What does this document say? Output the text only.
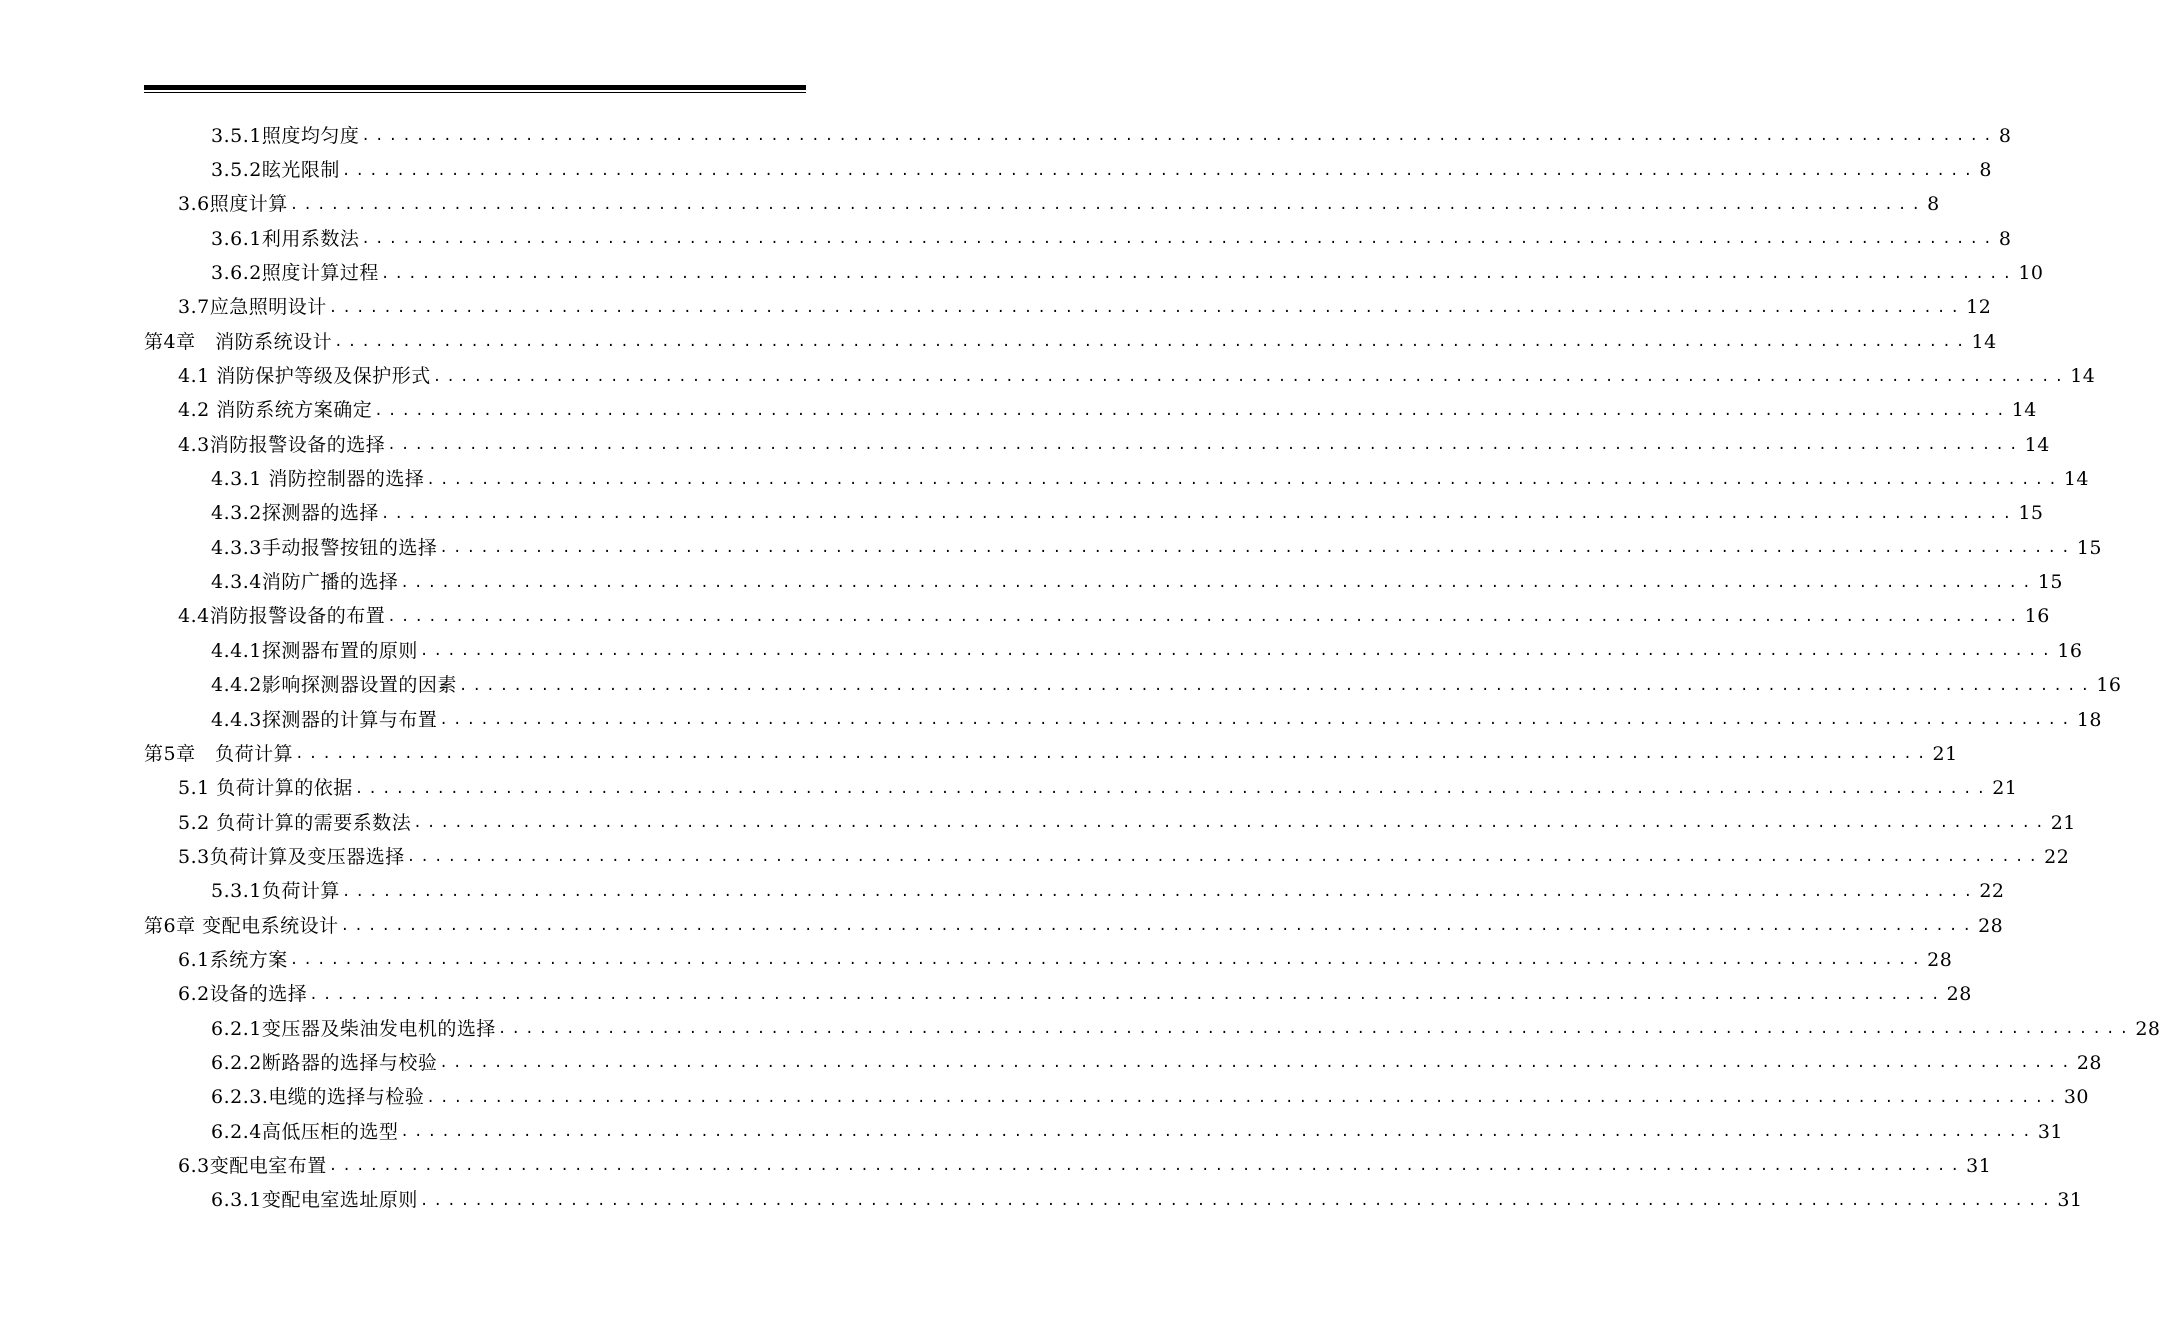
3.5.1照度均匀度 ........................................................................................................................ 8
3.5.2眩光限制 ........................................................................................................................ 8
3.6照度计算 ........................................................................................................................ 8
3.6.1利用系数法 ........................................................................................................................ 8
3.6.2照度计算过程 ........................................................................................................................ 10
3.7应急照明设计 ........................................................................................................................ 12
第4章　消防系统设计 ........................................................................................................................ 14
4.1 消防保护等级及保护形式 ........................................................................................................................ 14
4.2 消防系统方案确定 ........................................................................................................................ 14
4.3消防报警设备的选择 ........................................................................................................................ 14
4.3.1 消防控制器的选择 ........................................................................................................................ 14
4.3.2探测器的选择 ........................................................................................................................ 15
4.3.3手动报警按钮的选择 ........................................................................................................................ 15
4.3.4消防广播的选择 ........................................................................................................................ 15
4.4消防报警设备的布置 ........................................................................................................................ 16
4.4.1探测器布置的原则 ........................................................................................................................ 16
4.4.2影响探测器设置的因素 ........................................................................................................................ 16
4.4.3探测器的计算与布置 ........................................................................................................................ 18
第5章　负荷计算 ........................................................................................................................ 21
5.1 负荷计算的依据 ........................................................................................................................ 21
5.2 负荷计算的需要系数法 ........................................................................................................................ 21
5.3负荷计算及变压器选择 ........................................................................................................................ 22
5.3.1负荷计算 ........................................................................................................................ 22
第6章 变配电系统设计 ........................................................................................................................ 28
6.1系统方案 ........................................................................................................................ 28
6.2设备的选择 ........................................................................................................................ 28
6.2.1变压器及柴油发电机的选择 ........................................................................................................................ 28
6.2.2断路器的选择与校验 ........................................................................................................................ 28
6.2.3.电缆的选择与检验 ........................................................................................................................ 30
6.2.4高低压柜的选型 ........................................................................................................................ 31
6.3变配电室布置 ........................................................................................................................ 31
6.3.1变配电室选址原则 ........................................................................................................................ 31
